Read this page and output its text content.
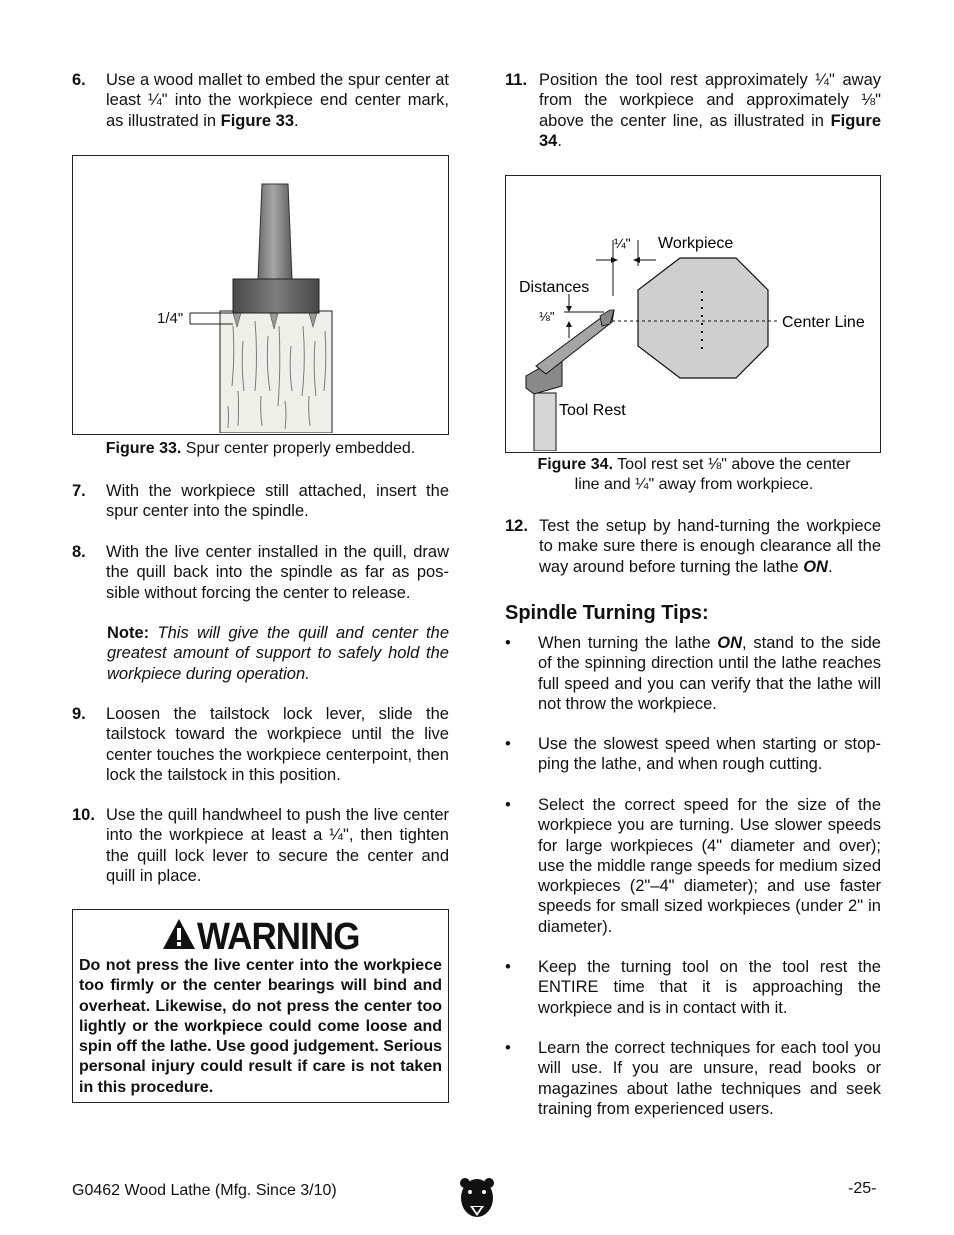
6. Use a wood mallet to embed the spur center at least ¼" into the workpiece end center mark, as illustrated in Figure 33.
1/4"
Figure 33. Spur center properly embedded.
7. With the workpiece still attached, insert the spur center into the spindle.
8. With the live center installed in the quill, draw the quill back into the spindle as far as possible without forcing the center to release.
Note: This will give the quill and center the greatest amount of support to safely hold the workpiece during operation.
9. Loosen the tailstock lock lever, slide the tailstock toward the workpiece until the live center touches the workpiece centerpoint, then lock the tailstock in this position.
10. Use the quill handwheel to push the live center into the workpiece at least a ¼", then tighten the quill lock lever to secure the center and quill in place.
WARNING
Do not press the live center into the workpiece too firmly or the center bearings will bind and overheat. Likewise, do not press the center too lightly or the workpiece could come loose and spin off the lathe. Use good judgement. Serious personal injury could result if care is not taken in this procedure.
11. Position the tool rest approximately ¼" away from the workpiece and approximately ⅛" above the center line, as illustrated in Figure 34.
¼" Workpiece
Distances
⅛"	Center Line
Tool Rest
Figure 34. Tool rest set ⅛" above the center line and ¼" away from workpiece.
12. Test the setup by hand-turning the workpiece to make sure there is enough clearance all the way around before turning the lathe ON.
Spindle Turning Tips:
• When turning the lathe ON, stand to the side of the spinning direction until the lathe reaches full speed and you can verify that the lathe will not throw the workpiece.
• Use the slowest speed when starting or stopping the lathe, and when rough cutting.
• Select the correct speed for the size of the workpiece you are turning. Use slower speeds for large workpieces (4" diameter and over); use the middle range speeds for medium sized workpieces (2"–4" diameter); and use faster speeds for small sized workpieces (under 2" in diameter).
• Keep the turning tool on the tool rest the ENTIRE time that it is approaching the workpiece and is in contact with it.
• Learn the correct techniques for each tool you will use. If you are unsure, read books or magazines about lathe techniques and seek training from experienced users.
G0462 Wood Lathe (Mfg. Since 3/10)	-25-
